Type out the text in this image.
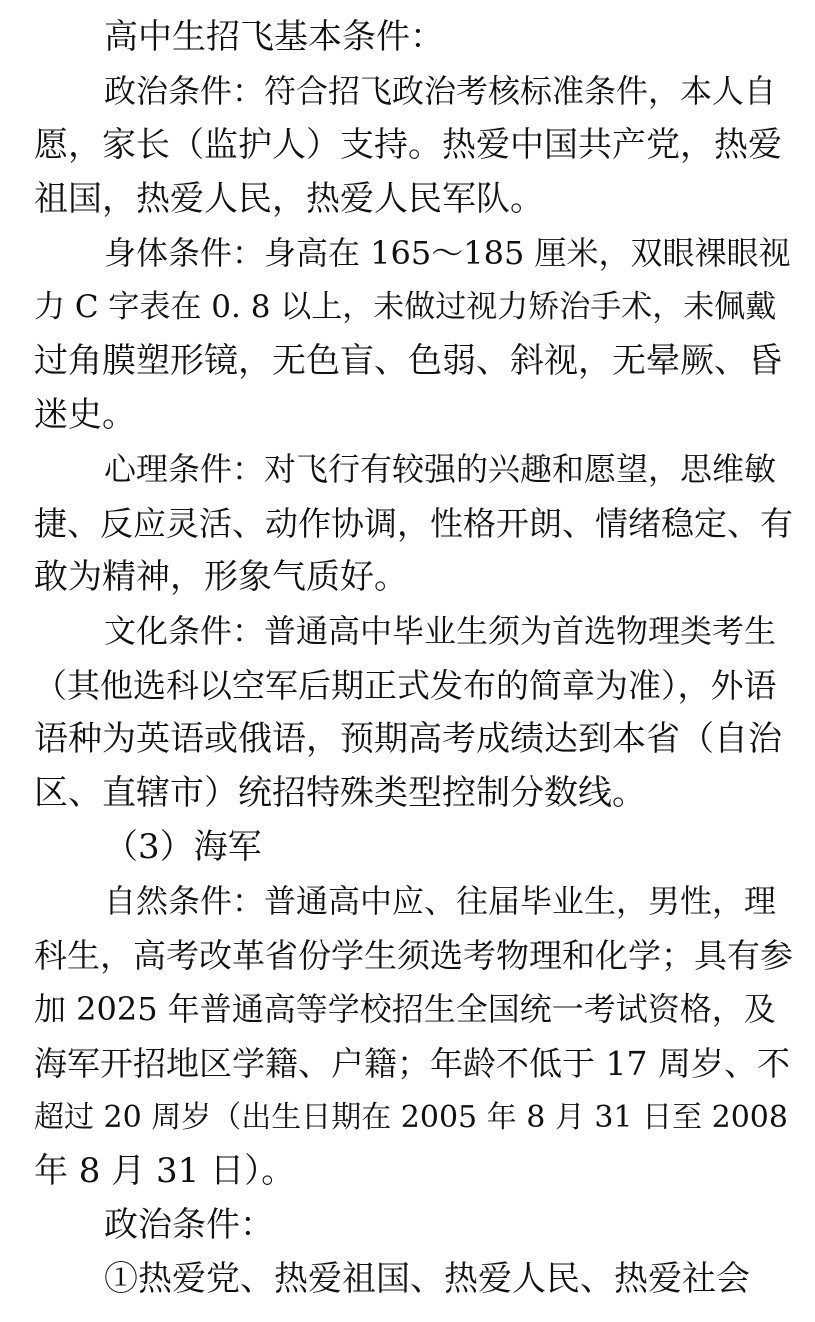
高中生招飞基本条件：
政治条件：符合招飞政治考核标准条件，本人自
愿，家长（监护人）支持。热爱中国共产党，热爱
祖国，热爱人民，热爱人民军队。
身体条件：身高在 165～185 厘米，双眼裸眼视
力 C 字表在 0. 8 以上，未做过视力矫治手术，未佩戴
过角膜塑形镜，无色盲、色弱、斜视，无晕厥、昏
迷史。
心理条件：对飞行有较强的兴趣和愿望，思维敏
捷、反应灵活、动作协调，性格开朗、情绪稳定、有
敢为精神，形象气质好。
文化条件：普通高中毕业生须为首选物理类考生
（其他选科以空军后期正式发布的简章为准），外语
语种为英语或俄语，预期高考成绩达到本省（自治
区、直辖市）统招特殊类型控制分数线。
（3）海军
自然条件：普通高中应、往届毕业生，男性，理
科生，高考改革省份学生须选考物理和化学；具有参
加 2025 年普通高等学校招生全国统一考试资格，及
海军开招地区学籍、户籍；年龄不低于 17 周岁、不
超过 20 周岁（出生日期在 2005 年 8 月 31 日至 2008
年 8 月 31 日）。
政治条件：
①热爱党、热爱祖国、热爱人民、热爱社会
